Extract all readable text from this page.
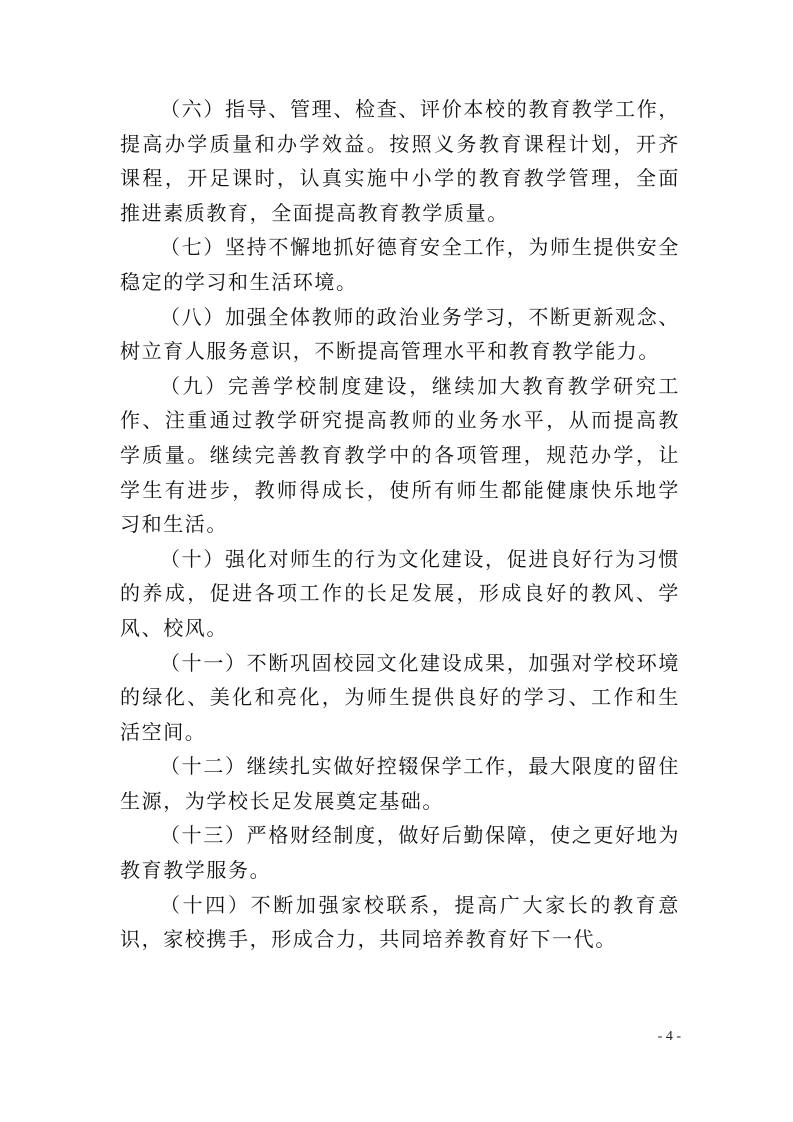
（六）指导、管理、检查、评价本校的教育教学工作，提高办学质量和办学效益。按照义务教育课程计划，开齐课程，开足课时，认真实施中小学的教育教学管理，全面推进素质教育，全面提高教育教学质量。

（七）坚持不懈地抓好德育安全工作，为师生提供安全稳定的学习和生活环境。

（八）加强全体教师的政治业务学习，不断更新观念、树立育人服务意识，不断提高管理水平和教育教学能力。

（九）完善学校制度建设，继续加大教育教学研究工作、注重通过教学研究提高教师的业务水平，从而提高教学质量。继续完善教育教学中的各项管理，规范办学，让学生有进步，教师得成长，使所有师生都能健康快乐地学习和生活。

（十）强化对师生的行为文化建设，促进良好行为习惯的养成，促进各项工作的长足发展，形成良好的教风、学风、校风。

（十一）不断巩固校园文化建设成果，加强对学校环境的绿化、美化和亮化，为师生提供良好的学习、工作和生活空间。

（十二）继续扎实做好控辍保学工作，最大限度的留住生源，为学校长足发展奠定基础。

（十三）严格财经制度，做好后勤保障，使之更好地为教育教学服务。

（十四）不断加强家校联系，提高广大家长的教育意识，家校携手，形成合力，共同培养教育好下一代。

- 4 -
